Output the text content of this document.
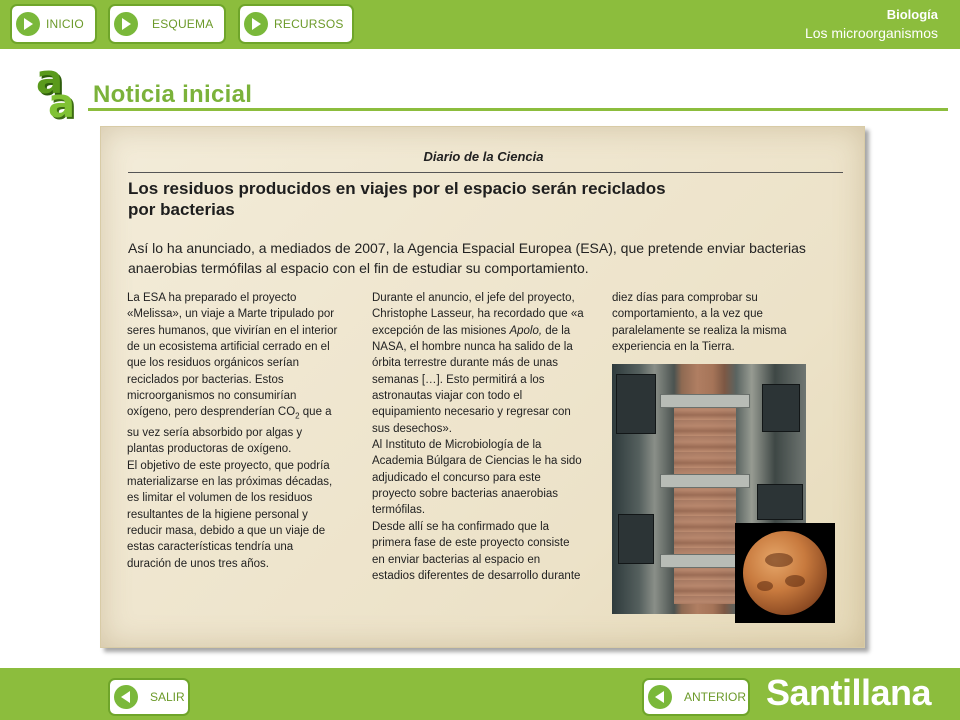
INICIO	ESQUEMA	RECURSOS
Biología
Los microorganismos
a
a Noticia inicial
Diario de la Ciencia
Los residuos producidos en viajes por el espacio serán reciclados por bacterias
Así lo ha anunciado, a mediados de 2007, la Agencia Espacial Europea (ESA), que pretende enviar bacterias anaerobias termófilas al espacio con el fin de estudiar su comportamiento.

La ESA ha preparado el proyecto «Melissa», un viaje a Marte tripulado por seres humanos, que vivirían en el interior de un ecosistema artificial cerrado en el que los residuos orgánicos serían reciclados por bacterias. Estos microorganismos no consumirían oxígeno, pero desprenderían $CO_2$ que a su vez sería absorbido por algas y plantas productoras de oxígeno.

El objetivo de este proyecto, que podría materializarse en las próximas décadas, es limitar el volumen de los residuos resultantes de la higiene personal y reducir masa, debido a que un viaje de estas características tendría una duración de unos tres años.

Durante el anuncio, el jefe del proyecto, Christophe Lasseur, ha recordado que «a excepción de las misiones Apolo, de la NASA, el hombre nunca ha salido de la órbita terrestre durante más de unas semanas […]. Esto permitirá a los astronautas viajar con todo el equipamiento necesario y regresar con sus desechos».

Al Instituto de Microbiología de la Academia Búlgara de Ciencias le ha sido adjudicado el concurso para este proyecto sobre bacterias anaerobias termófilas.

Desde allí se ha confirmado que la primera fase de este proyecto consiste en enviar bacterias al espacio en estadios diferentes de desarrollo durante

diez días para comprobar su comportamiento, a la vez que paralelamente se realiza la misma experiencia en la Tierra.

SALIR	ANTERIOR Santillana
